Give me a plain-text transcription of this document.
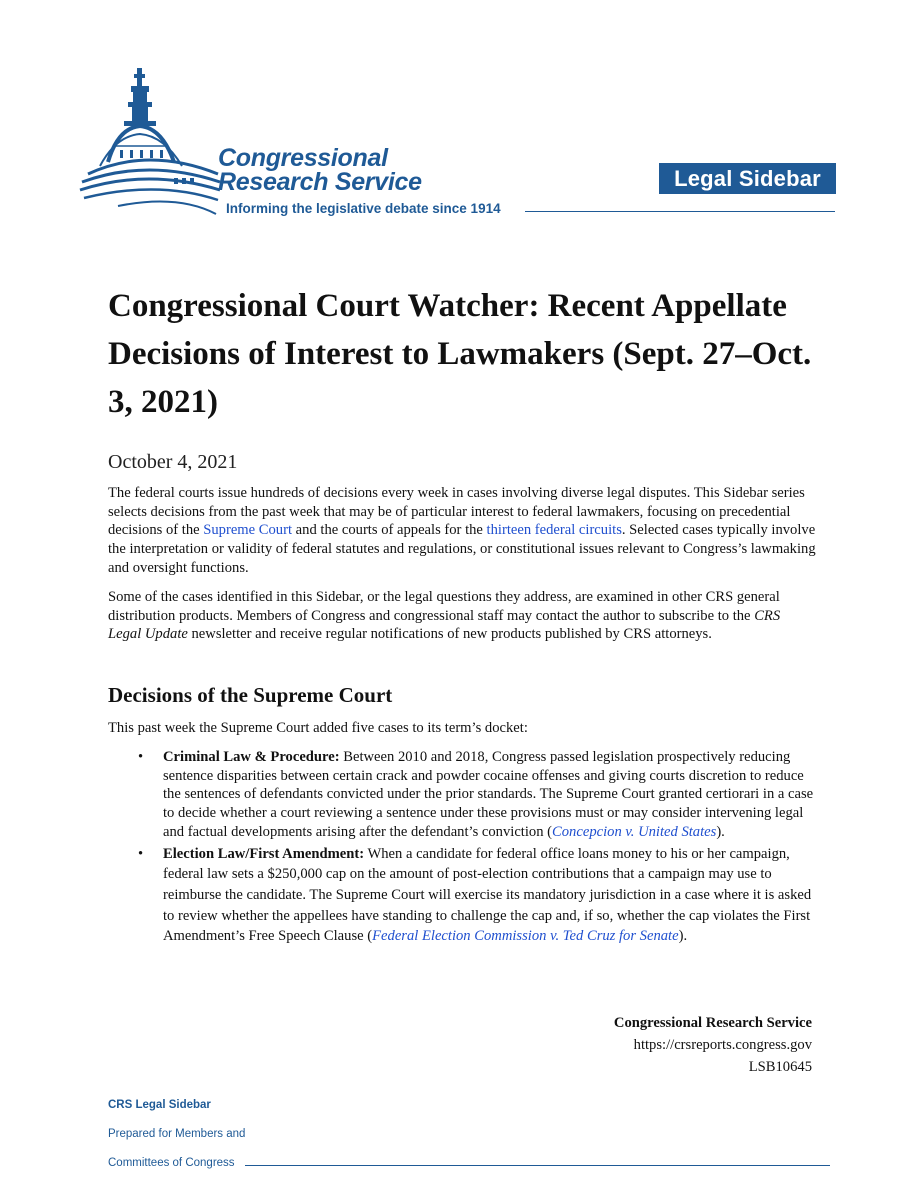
Congressional
Research Service
Informing the legislative debate since 1914
Legal Sidebar
Congressional Court Watcher: Recent Appellate Decisions of Interest to Lawmakers (Sept. 27–Oct. 3, 2021)
October 4, 2021

The federal courts issue hundreds of decisions every week in cases involving diverse legal disputes. This Sidebar series selects decisions from the past week that may be of particular interest to federal lawmakers, focusing on precedential decisions of the Supreme Court and the courts of appeals for the thirteen federal circuits. Selected cases typically involve the interpretation or validity of federal statutes and regulations, or constitutional issues relevant to Congress’s lawmaking and oversight functions.

Some of the cases identified in this Sidebar, or the legal questions they address, are examined in other CRS general distribution products. Members of Congress and congressional staff may contact the author to subscribe to the CRS Legal Update newsletter and receive regular notifications of new products published by CRS attorneys.

Decisions of the Supreme Court

This past week the Supreme Court added five cases to its term’s docket:

• Criminal Law & Procedure: Between 2010 and 2018, Congress passed legislation prospectively reducing sentence disparities between certain crack and powder cocaine offenses and giving courts discretion to reduce the sentences of defendants convicted under the prior standards. The Supreme Court granted certiorari in a case to decide whether a court reviewing a sentence under these provisions must or may consider intervening legal and factual developments arising after the defendant’s conviction (Concepcion v. United States).
• Election Law/First Amendment: When a candidate for federal office loans money to his or her campaign, federal law sets a $250,000 cap on the amount of post-election contributions that a campaign may use to reimburse the candidate. The Supreme Court will exercise its mandatory jurisdiction in a case where it is asked to review whether the appellees have standing to challenge the cap and, if so, whether the cap violates the First Amendment’s Free Speech Clause (Federal Election Commission v. Ted Cruz for Senate).
Congressional Research Service
https://crsreports.congress.gov
LSB10645
CRS Legal Sidebar
Prepared for Members and
Committees of Congress
